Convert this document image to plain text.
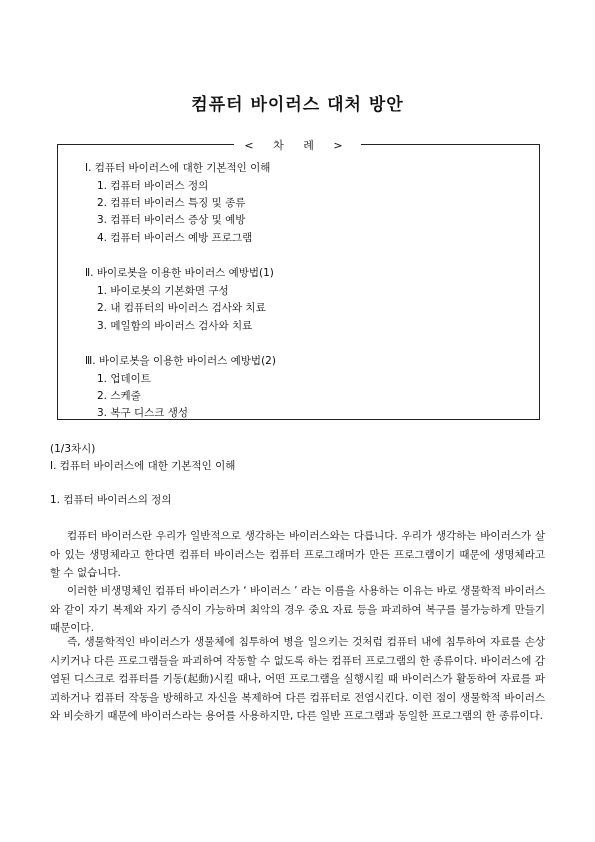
컴퓨터 바이러스 대처 방안
< 차 례 >
Ⅰ. 컴퓨터 바이러스에 대한 기본적인 이해
1. 컴퓨터 바이러스 정의
2. 컴퓨터 바이러스 특징 및 종류
3. 컴퓨터 바이러스 증상 및 예방
4. 컴퓨터 바이러스 예방 프로그램
Ⅱ. 바이로봇을 이용한 바이러스 예방법(1)
1. 바이로봇의 기본화면 구성
2. 내 컴퓨터의 바이러스 검사와 치료
3. 메일함의 바이러스 검사와 치료
Ⅲ. 바이로봇을 이용한 바이러스 예방법(2)
1. 업데이트
2. 스케줄
3. 복구 디스크 생성
(1/3차시)
Ⅰ. 컴퓨터 바이러스에 대한 기본적인 이해
1. 컴퓨터 바이러스의 정의

컴퓨터 바이러스란 우리가 일반적으로 생각하는 바이러스와는 다릅니다. 우리가 생각하는 바이러스가 살아 있는 생명체라고 한다면 컴퓨터 바이러스는 컴퓨터 프로그래머가 만든 프로그램이기 때문에 생명체라고 할 수 없습니다.

이러한 비생명체인 컴퓨터 바이러스가 ‘ 바이러스 ’ 라는 이름을 사용하는 이유는 바로 생물학적 바이러스와 같이 자기 복제와 자기 증식이 가능하며 최악의 경우 중요 자료 등을 파괴하여 복구를 불가능하게 만들기 때문이다.

즉, 생물학적인 바이러스가 생물체에 침투하여 병을 일으키는 것처럼 컴퓨터 내에 침투하여 자료를 손상시키거나 다른 프로그램들을 파괴하여 작동할 수 없도록 하는 컴퓨터 프로그램의 한 종류이다. 바이러스에 감염된 디스크로 컴퓨터를 기동(起動)시킬 때나, 어떤 프로그램을 실행시킬 때 바이러스가 활동하여 자료를 파괴하거나 컴퓨터 작동을 방해하고 자신을 복제하여 다른 컴퓨터로 전염시킨다. 이런 점이 생물학적 바이러스와 비슷하기 때문에 바이러스라는 용어를 사용하지만, 다른 일반 프로그램과 동일한 프로그램의 한 종류이다.
